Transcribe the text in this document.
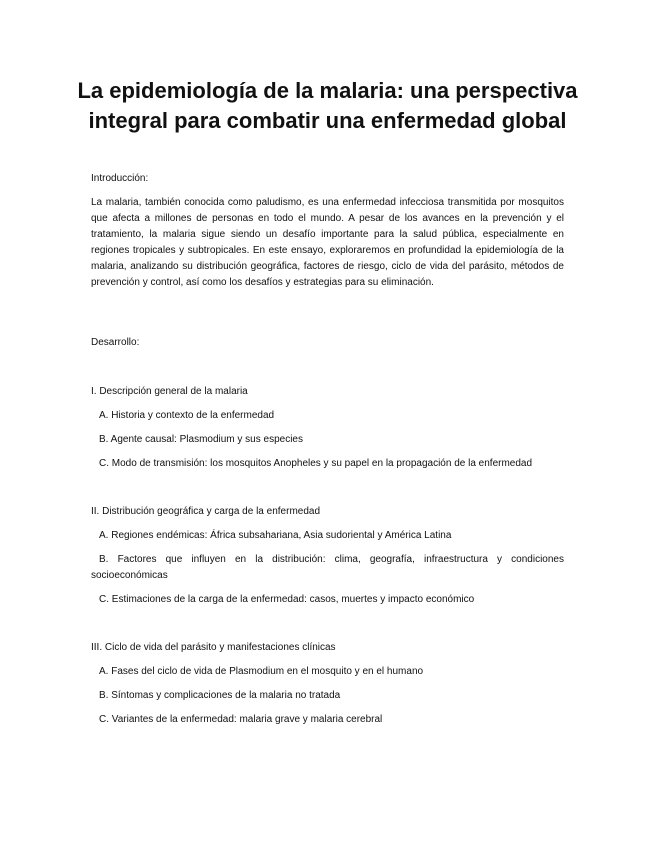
La epidemiología de la malaria: una perspectiva integral para combatir una enfermedad global
Introducción:
La malaria, también conocida como paludismo, es una enfermedad infecciosa transmitida por mosquitos que afecta a millones de personas en todo el mundo. A pesar de los avances en la prevención y el tratamiento, la malaria sigue siendo un desafío importante para la salud pública, especialmente en regiones tropicales y subtropicales. En este ensayo, exploraremos en profundidad la epidemiología de la malaria, analizando su distribución geográfica, factores de riesgo, ciclo de vida del parásito, métodos de prevención y control, así como los desafíos y estrategias para su eliminación.
Desarrollo:
I. Descripción general de la malaria
A. Historia y contexto de la enfermedad
B. Agente causal: Plasmodium y sus especies
C. Modo de transmisión: los mosquitos Anopheles y su papel en la propagación de la enfermedad
II. Distribución geográfica y carga de la enfermedad
A. Regiones endémicas: África subsahariana, Asia sudoriental y América Latina
B. Factores que influyen en la distribución: clima, geografía, infraestructura y condiciones socioeconómicas
C. Estimaciones de la carga de la enfermedad: casos, muertes y impacto económico
III. Ciclo de vida del parásito y manifestaciones clínicas
A. Fases del ciclo de vida de Plasmodium en el mosquito y en el humano
B. Síntomas y complicaciones de la malaria no tratada
C. Variantes de la enfermedad: malaria grave y malaria cerebral
